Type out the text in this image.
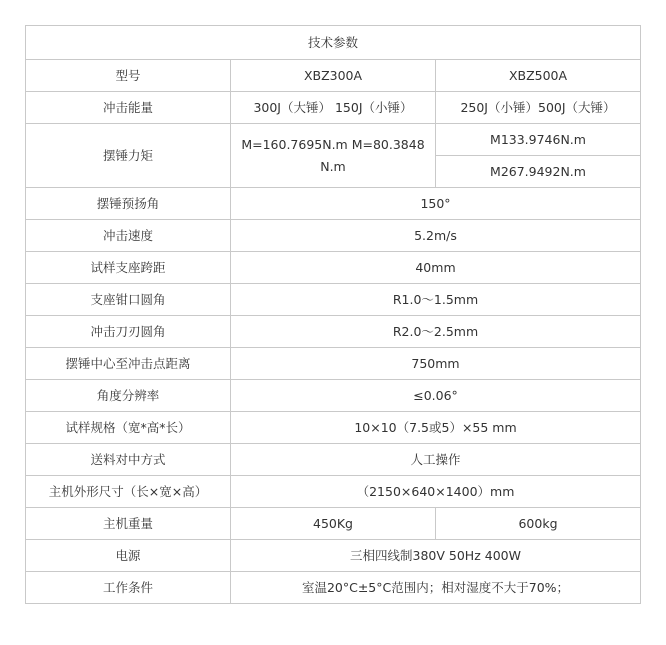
技术参数		
型号	XBZ300A	XBZ500A
冲击能量	300J（大锤） 150J（小锤）	250J（小锤）500J（大锤）
摆锤力矩	M=160.7695N.m M=80.3848N.m	M133.9746N.m
		M267.9492N.m
摆锤预扬角	150°	
冲击速度	5.2m/s	
试样支座跨距	40mm	
支座钳口圆角	R1.0～1.5mm	
冲击刀刃圆角	R2.0～2.5mm	
摆锤中心至冲击点距离	750mm	
角度分辨率	≤0.06°	
试样规格（宽*高*长）	10×10（7.5或5）×55 mm	
送料对中方式	人工操作	
主机外形尺寸（长×宽×高）	（2150×640×1400）mm	
主机重量	450Kg	600kg
电源	三相四线制380V 50Hz 400W	
工作条件	室温20°C±5°C范围内；相对湿度不大于70%；	
